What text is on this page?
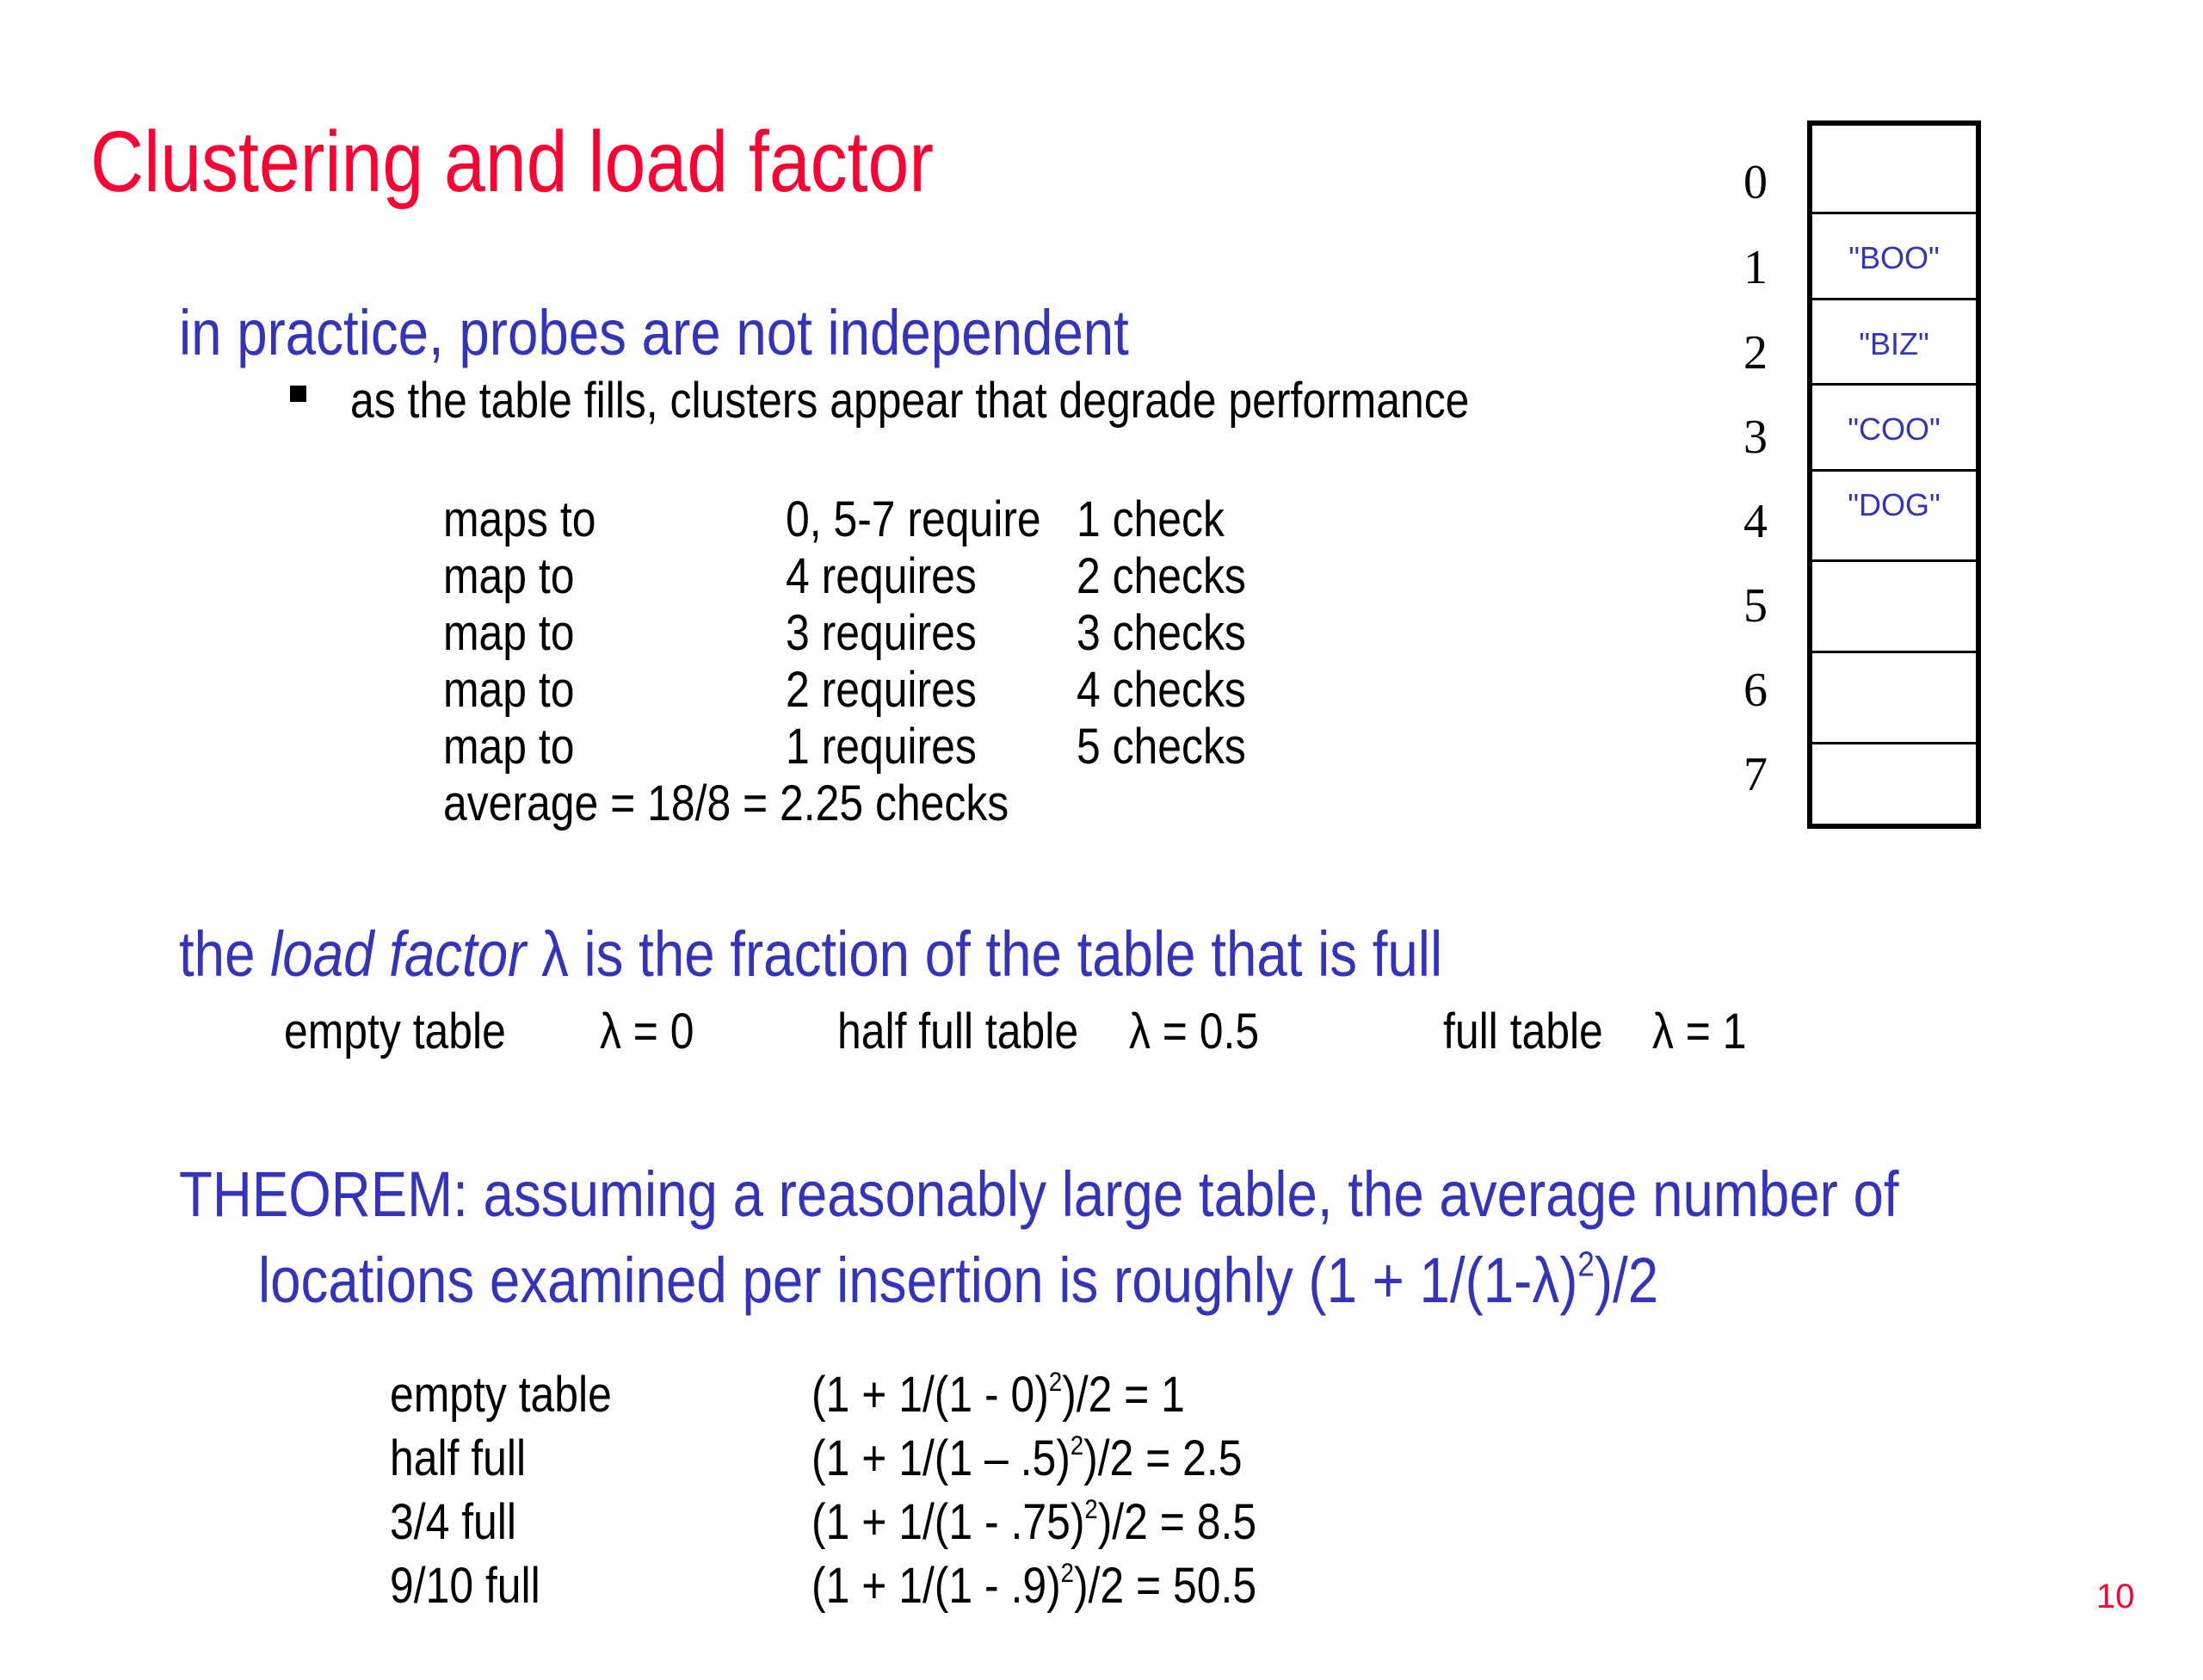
Clustering and load factor
in practice, probes are not independent
as the table fills, clusters appear that degrade performance
maps to	0, 5-7 require 1 check
map to	4 requires 2 checks
map to	3 requires 3 checks
map to	2 requires 4 checks
map to	1 requires 5 checks
average = 18/8 = 2.25 checks
0
1
2
3
4
5
6
7
"BOO"
"BIZ"
"COO"
"DOG"
the load factor λ is the fraction of the table that is full
empty table λ = 0	half full table λ = 0.5	full table λ = 1
THEOREM: assuming a reasonably large table, the average number of
locations examined per insertion is roughly $(1 + 1/(1-\lambda)^2)/2$
empty table	(1 + 1/(1 - 0)$^2$)/2 = 1
half full	(1 + 1/(1 – .5)$^2$)/2 = 2.5
3/4 full	(1 + 1/(1 - .75)$^2$)/2 = 8.5
9/10 full	(1 + 1/(1 - .9)$^2$)/2 = 50.5	10
